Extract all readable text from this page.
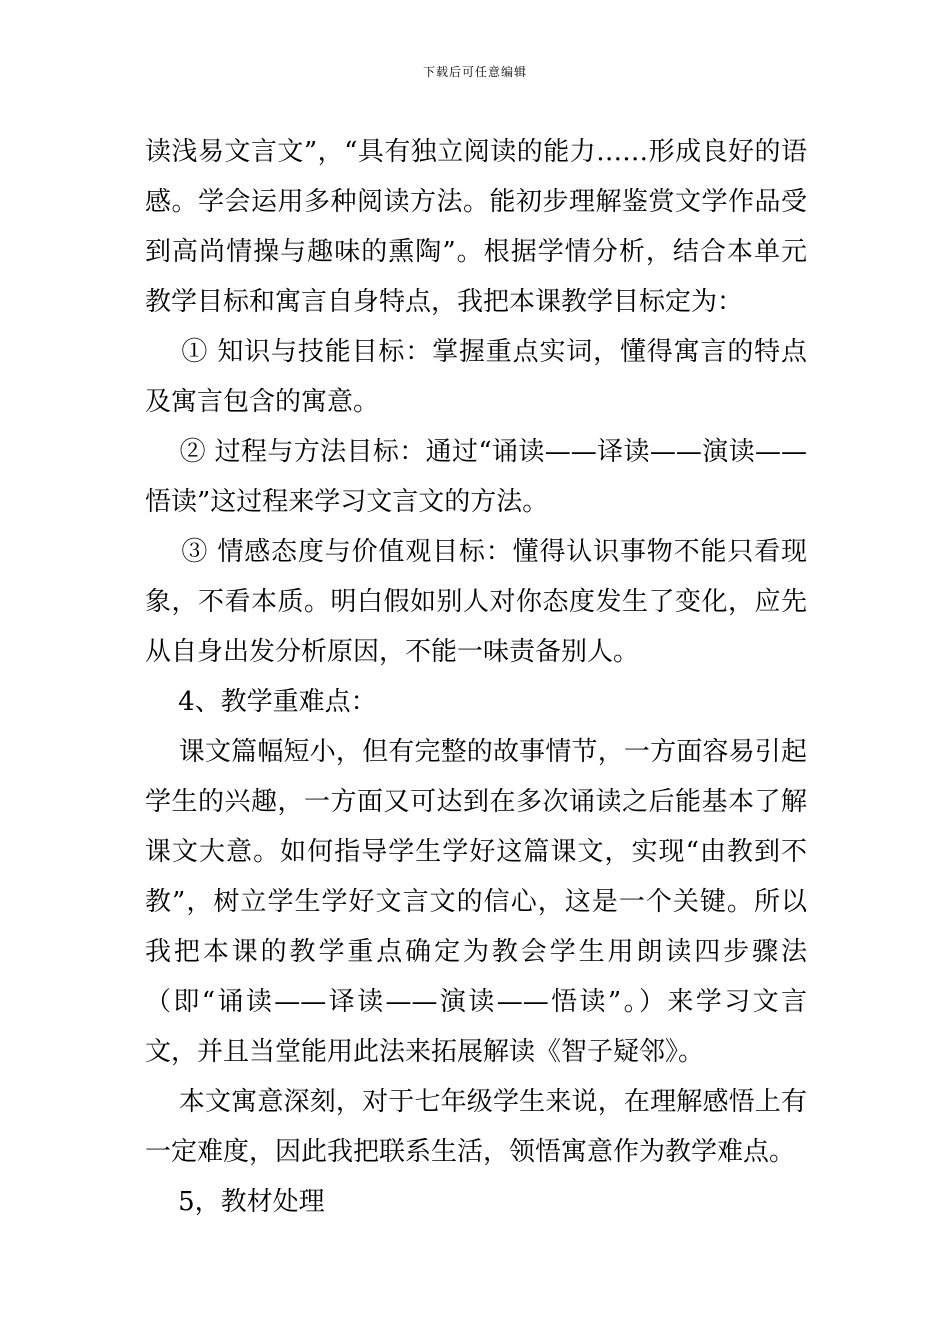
下载后可任意编辑

读浅易文言文”，“具有独立阅读的能力……形成良好的语感。学会运用多种阅读方法。能初步理解鉴赏文学作品受到高尚情操与趣味的熏陶”。根据学情分析，结合本单元教学目标和寓言自身特点，我把本课教学目标定为：

① 知识与技能目标：掌握重点实词，懂得寓言的特点及寓言包含的寓意。

② 过程与方法目标：通过“诵读——译读——演读——悟读”这过程来学习文言文的方法。

③ 情感态度与价值观目标：懂得认识事物不能只看现象，不看本质。明白假如别人对你态度发生了变化，应先从自身出发分析原因，不能一味责备别人。

4、教学重难点：

课文篇幅短小，但有完整的故事情节，一方面容易引起学生的兴趣，一方面又可达到在多次诵读之后能基本了解课文大意。如何指导学生学好这篇课文，实现“由教到不教”，树立学生学好文言文的信心，这是一个关键。所以我把本课的教学重点确定为教会学生用朗读四步骤法（即“诵读——译读——演读——悟读”。）来学习文言文，并且当堂能用此法来拓展解读《智子疑邻》。

本文寓意深刻，对于七年级学生来说，在理解感悟上有一定难度，因此我把联系生活，领悟寓意作为教学难点。

5，教材处理
